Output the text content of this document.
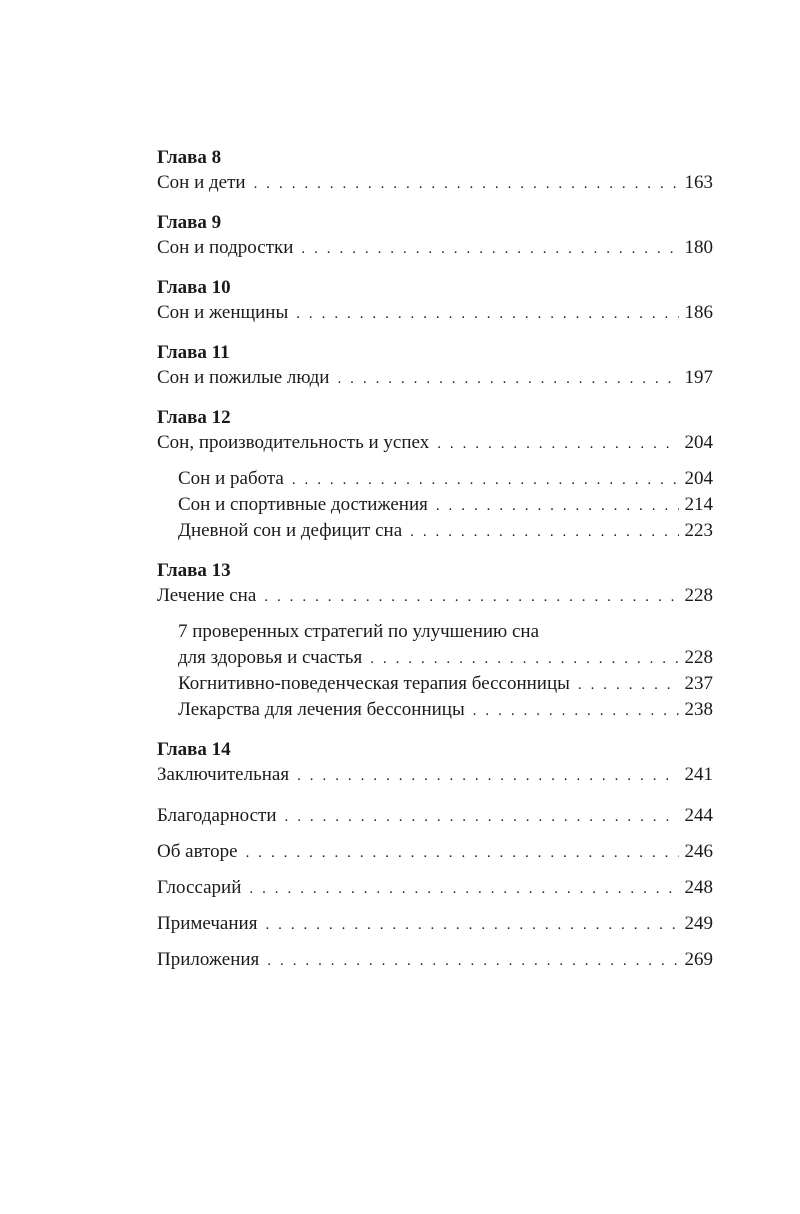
Глава 8
Сон и дети . . .	163
Глава 9
Сон и подростки . . .	180
Глава 10
Сон и женщины . . .	186
Глава 11
Сон и пожилые люди . . .	197
Глава 12
Сон, производительность и успех . . .	204
Сон и работа . . .	204
Сон и спортивные достижения . . .	214
Дневной сон и дефицит сна . . .	223
Глава 13
Лечение сна . . .	228
7 проверенных стратегий по улучшению сна
для здоровья и счастья . . .	228
Когнитивно-поведенческая терапия бессонницы . . .	237
Лекарства для лечения бессонницы . . .	238
Глава 14
Заключительная . . .	241
Благодарности . . .	244
Об авторе . . .	246
Глоссарий . . .	248
Примечания . . .	249
Приложения . . .	269
